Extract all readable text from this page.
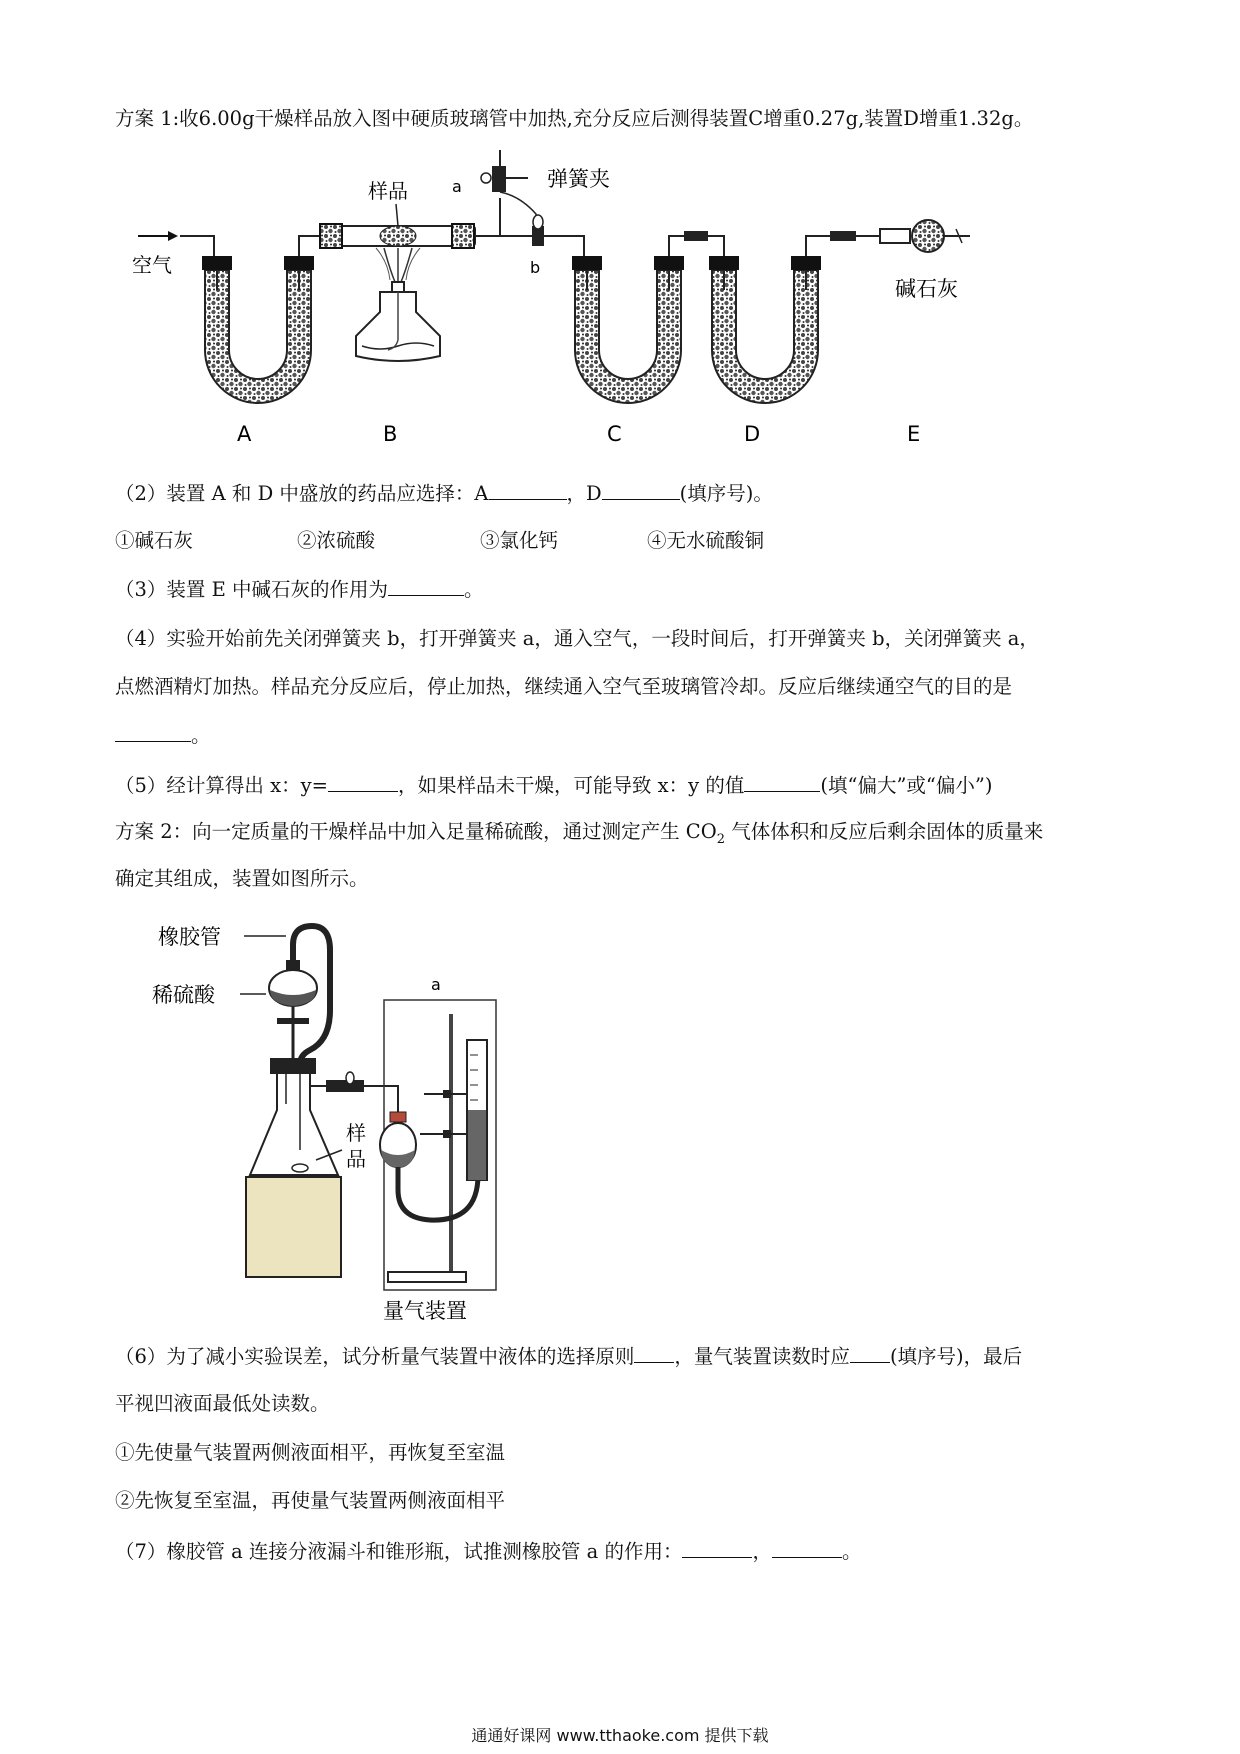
方案 1:收6.00g干燥样品放入图中硬质玻璃管中加热,充分反应后测得装置C增重0.27g,装置D增重1.32g。
空气
样品	a	弹簧夹
b
碱石灰
A	B	C	D	E
（2）装置 A 和 D 中盛放的药品应选择：A	，D	(填序号)。
①碱石灰	②浓硫酸	③氯化钙	④无水硫酸铜
（3）装置 E 中碱石灰的作用为	。
（4）实验开始前先关闭弹簧夹 b，打开弹簧夹 a，通入空气，一段时间后，打开弹簧夹 b，关闭弹簧夹 a，
点燃酒精灯加热。样品充分反应后，停止加热，继续通入空气至玻璃管冷却。反应后继续通空气的目的是
。
（5）经计算得出 x：y=	，如果样品未干燥，可能导致 x：y 的值	(填“偏大”或“偏小”)
方案 2：向一定质量的干燥样品中加入足量稀硫酸，通过测定产生 $CO_2$ 气体体积和反应后剩余固体的质量来
确定其组成，装置如图所示。
橡胶管
稀硫酸
样
品
a
量气装置
（6）为了减小实验误差，试分析量气装置中液体的选择原则 ，量气装置读数时应 (填序号)，最后
平视凹液面最低处读数。
①先使量气装置两侧液面相平，再恢复至室温
②先恢复至室温，再使量气装置两侧液面相平
（7）橡胶管 a 连接分液漏斗和锥形瓶，试推测橡胶管 a 的作用：	，	。
通通好课网 www.tthaoke.com 提供下载
